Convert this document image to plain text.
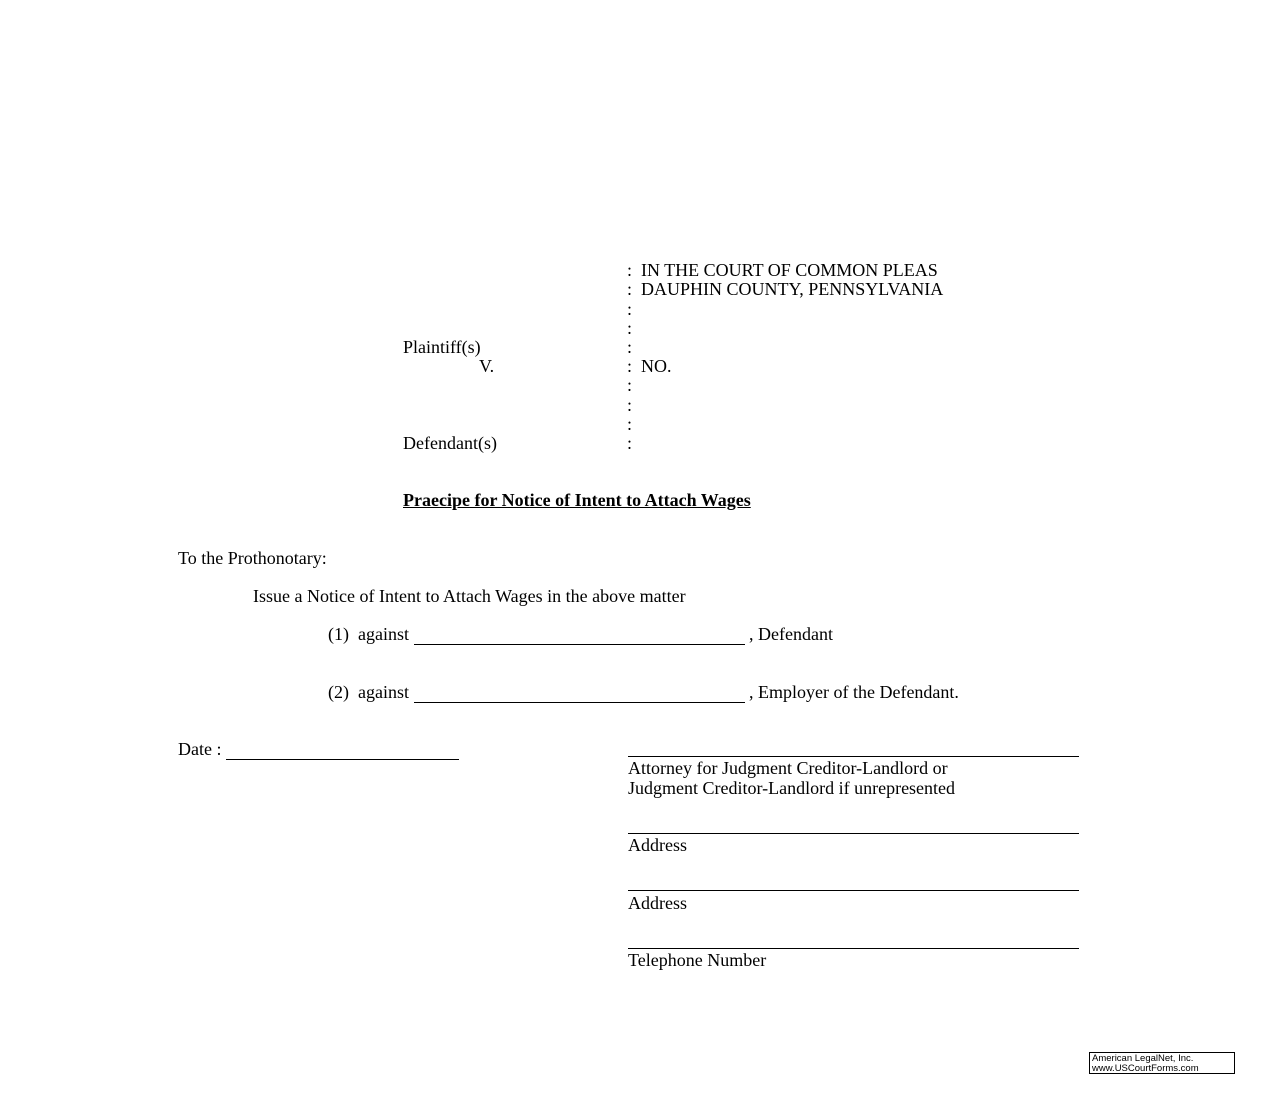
: IN THE COURT OF COMMON PLEAS
: DAUPHIN COUNTY, PENNSYLVANIA
:
:
:
: NO.
:
:
:
:
Plaintiff(s)
V.
Defendant(s)
Praecipe for Notice of Intent to Attach Wages
To the Prothonotary:
Issue a Notice of Intent to Attach Wages in the above matter
(1) against	, Defendant
(2) against	, Employer of the Defendant.
Date :
Attorney for Judgment Creditor-Landlord or
Judgment Creditor-Landlord if unrepresented
Address
Address
Telephone Number
American LegalNet, Inc.
www.USCourtForms.com
